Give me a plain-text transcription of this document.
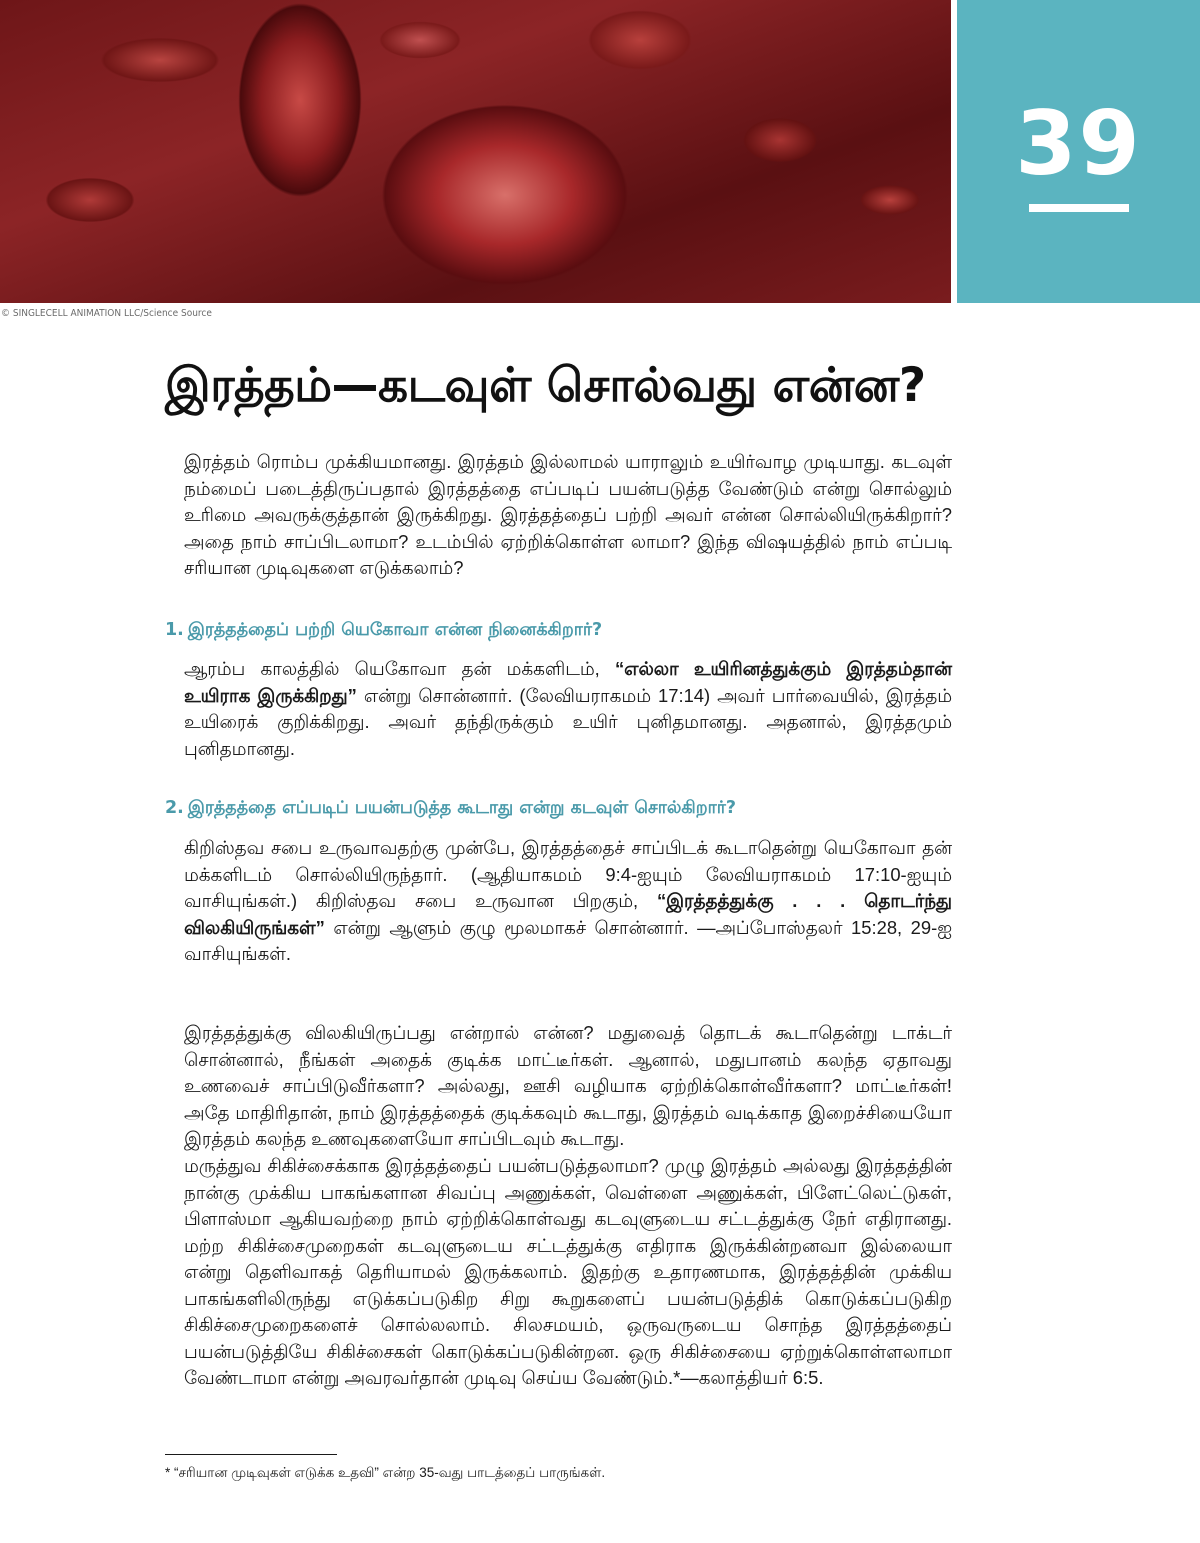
39
© SINGLECELL ANIMATION LLC/Science Source
இரத்தம்—கடவுள் சொல்வது என்ன?

இரத்தம் ரொம்ப முக்கியமானது. இரத்தம் இல்லாமல் யாராலும் உயிர்வாழ முடியாது. கடவுள் நம்மைப் படைத்திருப்பதால் இரத்தத்தை எப்படிப் பயன்படுத்த வேண்டும் என்று சொல்லும் உரிமை அவருக்குத்தான் இருக்கிறது. இரத்தத்தைப் பற்றி அவர் என்ன சொல்லியிருக்கிறார்? அதை நாம் சாப்பிடலாமா? உடம்பில் ஏற்றிக்கொள்ள லாமா? இந்த விஷயத்தில் நாம் எப்படி சரியான முடிவுகளை எடுக்கலாம்?

1. இரத்தத்தைப் பற்றி யெகோவா என்ன நினைக்கிறார்?

ஆரம்ப காலத்தில் யெகோவா தன் மக்களிடம், “எல்லா உயிரினத்துக்கும் இரத்தம்தான் உயிராக இருக்கிறது” என்று சொன்னார். (லேவியராகமம் 17:14) அவர் பார்வையில், இரத்தம் உயிரைக் குறிக்கிறது. அவர் தந்திருக்கும் உயிர் புனிதமானது. அதனால், இரத்தமும் புனிதமானது.

2. இரத்தத்தை எப்படிப் பயன்படுத்த கூடாது என்று கடவுள் சொல்கிறார்?

கிறிஸ்தவ சபை உருவாவதற்கு முன்பே, இரத்தத்தைச் சாப்பிடக் கூடாதென்று யெகோவா தன் மக்களிடம் சொல்லியிருந்தார். (ஆதியாகமம் 9:4-ஐயும் லேவியராகமம் 17:10-ஐயும் வாசியுங்கள்.) கிறிஸ்தவ சபை உருவான பிறகும், “இரத்தத்துக்கு . . . தொடர்ந்து விலகியிருங்கள்” என்று ஆளும் குழு மூலமாகச் சொன்னார். —அப்போஸ்தலர் 15:28, 29-ஐ வாசியுங்கள்.

இரத்தத்துக்கு விலகியிருப்பது என்றால் என்ன? மதுவைத் தொடக் கூடாதென்று டாக்டர் சொன்னால், நீங்கள் அதைக் குடிக்க மாட்டீர்கள். ஆனால், மதுபானம் கலந்த ஏதாவது உணவைச் சாப்பிடுவீர்களா? அல்லது, ஊசி வழியாக ஏற்றிக்கொள்வீர்களா? மாட்டீர்கள்! அதே மாதிரிதான், நாம் இரத்தத்தைக் குடிக்கவும் கூடாது, இரத்தம் வடிக்காத இறைச்சியையோ இரத்தம் கலந்த உணவுகளையோ சாப்பிடவும் கூடாது.

மருத்துவ சிகிச்சைக்காக இரத்தத்தைப் பயன்படுத்தலாமா? முழு இரத்தம் அல்லது இரத்தத்தின் நான்கு முக்கிய பாகங்களான சிவப்பு அணுக்கள், வெள்ளை அணுக்கள், பிளேட்லெட்டுகள், பிளாஸ்மா ஆகியவற்றை நாம் ஏற்றிக்கொள்வது கடவுளுடைய சட்டத்துக்கு நேர் எதிரானது. மற்ற சிகிச்சைமுறைகள் கடவுளுடைய சட்டத்துக்கு எதிராக இருக்கின்றனவா இல்லையா என்று தெளிவாகத் தெரியாமல் இருக்கலாம். இதற்கு உதாரணமாக, இரத்தத்தின் முக்கிய பாகங்களிலிருந்து எடுக்கப்படுகிற சிறு கூறுகளைப் பயன்படுத்திக் கொடுக்கப்படுகிற சிகிச்சைமுறைகளைச் சொல்லலாம். சிலசமயம், ஒருவருடைய சொந்த இரத்தத்தைப் பயன்படுத்தியே சிகிச்சைகள் கொடுக்கப்படுகின்றன. ஒரு சிகிச்சையை ஏற்றுக்கொள்ளலாமா வேண்டாமா என்று அவரவர்தான் முடிவு செய்ய வேண்டும்.*—கலாத்தியர் 6:5.

* “சரியான முடிவுகள் எடுக்க உதவி” என்ற 35-வது பாடத்தைப் பாருங்கள்.
